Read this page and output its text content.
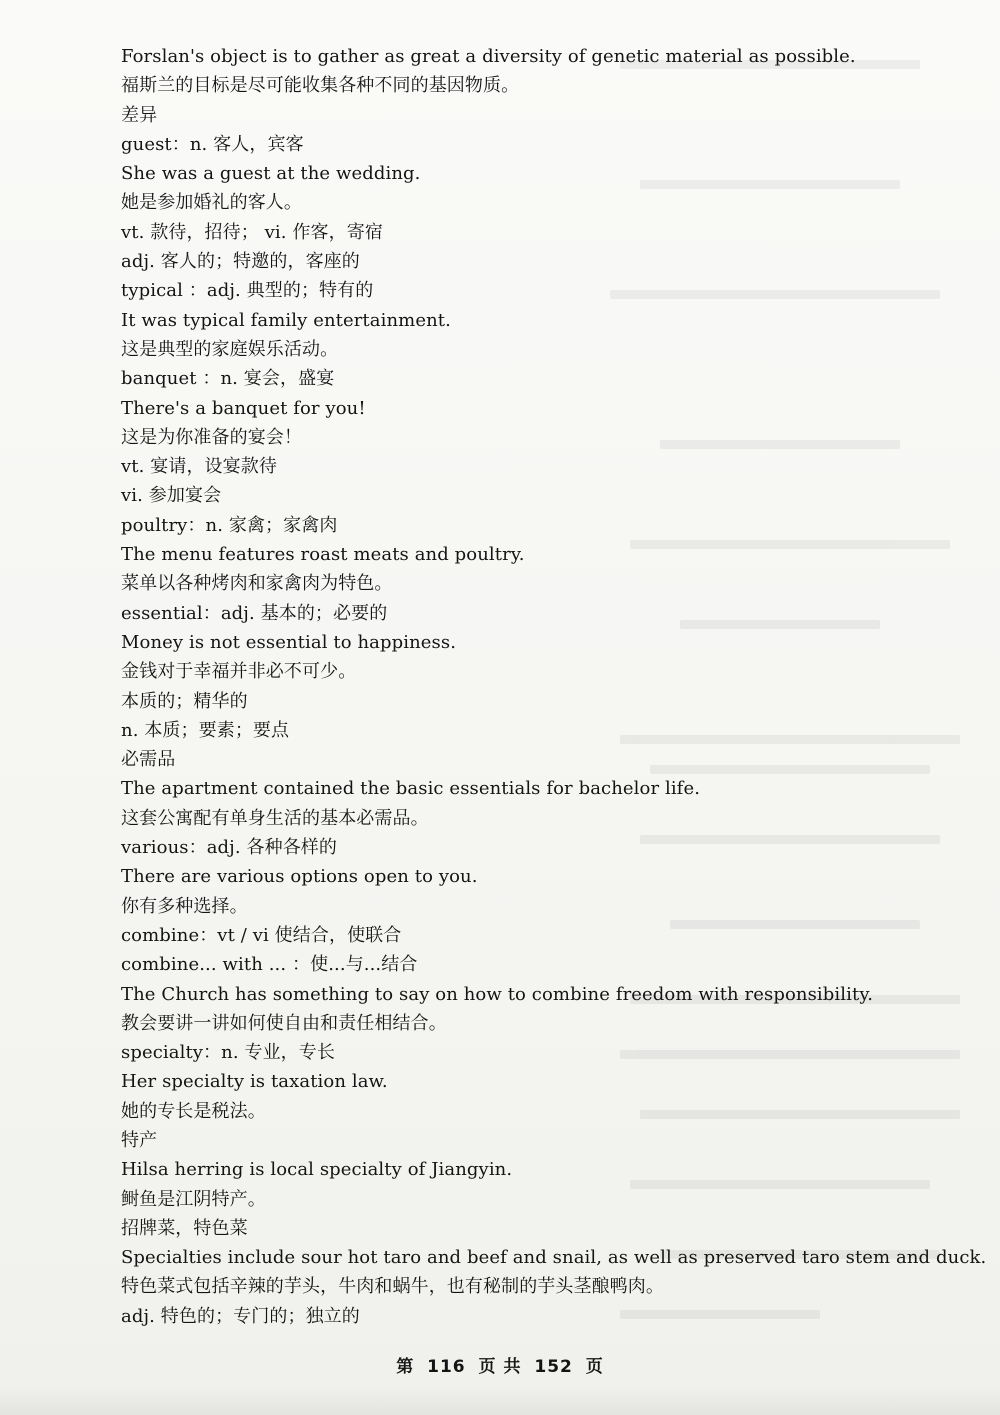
Forslan's object is to gather as great a diversity of genetic material as possible.
福斯兰的目标是尽可能收集各种不同的基因物质。
差异
guest：n. 客人，宾客
She was a guest at the wedding.
她是参加婚礼的客人。
vt. 款待，招待； vi. 作客，寄宿
adj. 客人的；特邀的，客座的
typical ：adj. 典型的；特有的
It was typical family entertainment.
这是典型的家庭娱乐活动。
banquet ：n. 宴会，盛宴
There's a banquet for you!
这是为你准备的宴会！
vt. 宴请，设宴款待
vi. 参加宴会
poultry：n. 家禽；家禽肉
The menu features roast meats and poultry.
菜单以各种烤肉和家禽肉为特色。
essential：adj. 基本的；必要的
Money is not essential to happiness.
金钱对于幸福并非必不可少。
本质的；精华的
n. 本质；要素；要点
必需品
The apartment contained the basic essentials for bachelor life.
这套公寓配有单身生活的基本必需品。
various：adj. 各种各样的
There are various options open to you.
你有多种选择。
combine：vt / vi 使结合，使联合
combine... with ... ：使...与...结合
The Church has something to say on how to combine freedom with responsibility.
教会要讲一讲如何使自由和责任相结合。
specialty：n. 专业，专长
Her specialty is taxation law.
她的专长是税法。
特产
Hilsa herring is local specialty of Jiangyin.
鲥鱼是江阴特产。
招牌菜，特色菜
Specialties include sour hot taro and beef and snail, as well as preserved taro stem and duck.
特色菜式包括辛辣的芋头，牛肉和蜗牛，也有秘制的芋头茎酿鸭肉。
adj. 特色的；专门的；独立的
第 116 页 共 152 页
